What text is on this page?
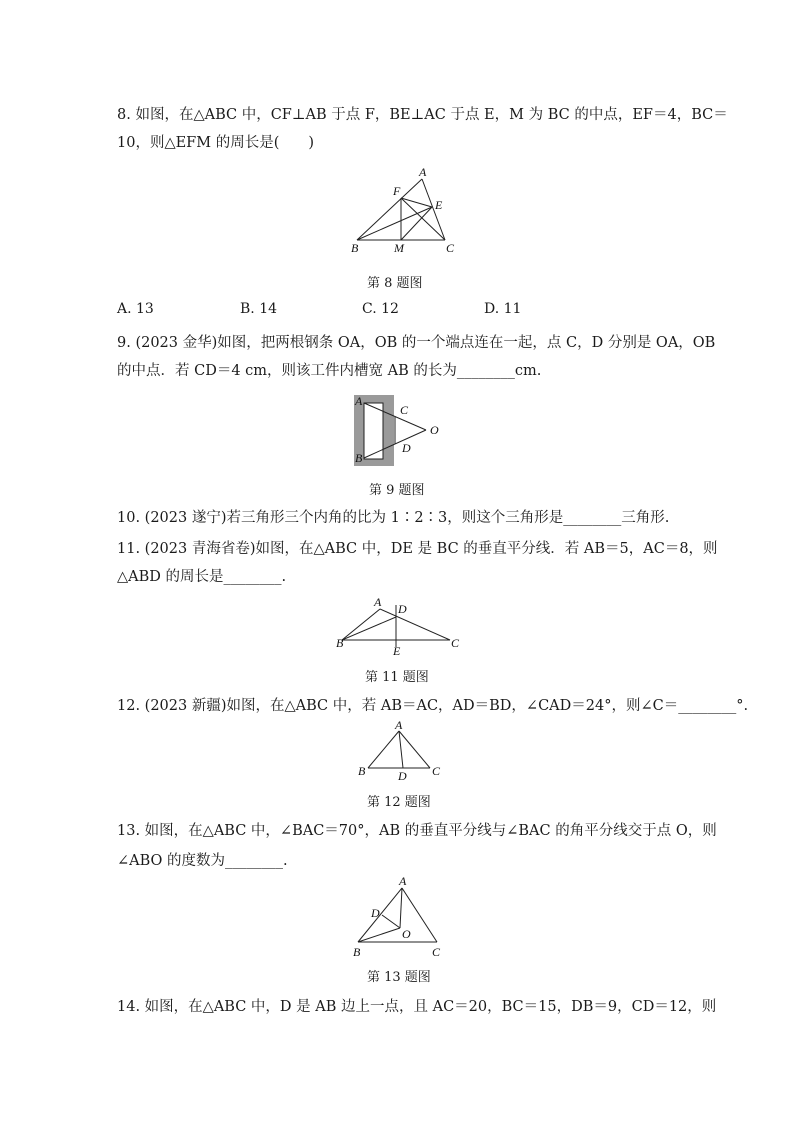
8. 如图，在△ABC 中，CF⊥AB 于点 F，BE⊥AC 于点 E，M 为 BC 的中点，EF＝4，BC＝
10，则△EFM 的周长是(　　)
A
F
E
B	M	C
第 8 题图
A. 13	B. 14	C. 12	D. 11
9. (2023 金华)如图，把两根钢条 OA，OB 的一个端点连在一起，点 C，D 分别是 OA，OB
的中点．若 CD＝4 cm，则该工件内槽宽 AB 的长为________cm.
A
B
C
D
O
第 9 题图
10. (2023 遂宁)若三角形三个内角的比为 1∶2∶3，则这个三角形是________三角形.
11. (2023 青海省卷)如图，在△ABC 中，DE 是 BC 的垂直平分线．若 AB＝5，AC＝8，则
△ABD 的周长是________.
A D
B
E
C
第 11 题图
12. (2023 新疆)如图，在△ABC 中，若 AB＝AC，AD＝BD，∠CAD＝24°，则∠C＝________°.
A
B	D C
第 12 题图
13. 如图，在△ABC 中，∠BAC＝70°，AB 的垂直平分线与∠BAC 的角平分线交于点 O，则
∠ABO 的度数为________.
A
D
O
B	C
第 13 题图
14. 如图，在△ABC 中，D 是 AB 边上一点，且 AC＝20，BC＝15，DB＝9，CD＝12，则
